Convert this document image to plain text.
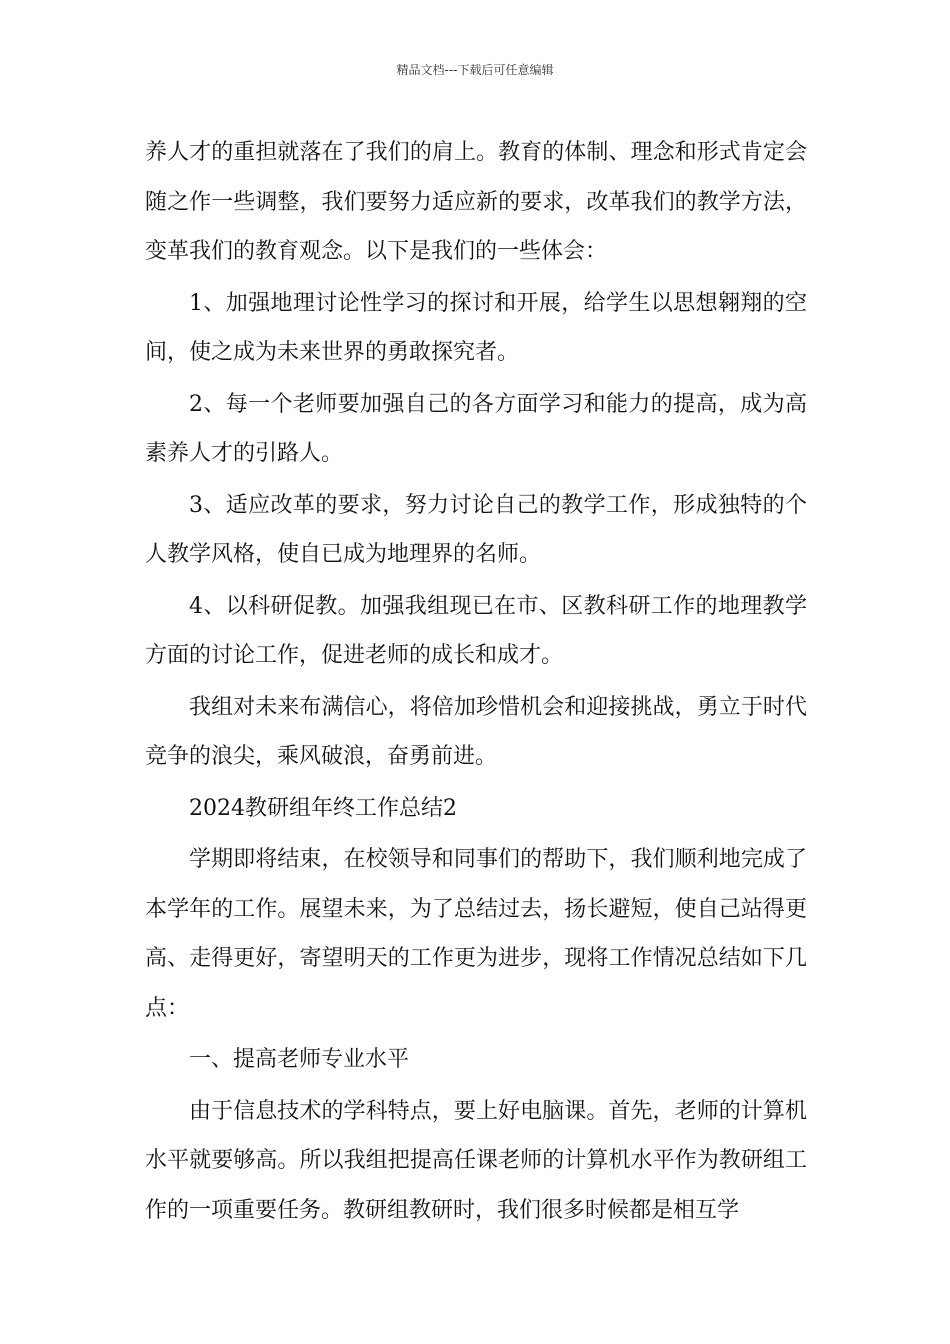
精品文档---下载后可任意编辑

养人才的重担就落在了我们的肩上。教育的体制、理念和形式肯定会随之作一些调整，我们要努力适应新的要求，改革我们的教学方法，变革我们的教育观念。以下是我们的一些体会：

1、加强地理讨论性学习的探讨和开展，给学生以思想翱翔的空间，使之成为未来世界的勇敢探究者。

2、每一个老师要加强自己的各方面学习和能力的提高，成为高素养人才的引路人。

3、适应改革的要求，努力讨论自己的教学工作，形成独特的个人教学风格，使自已成为地理界的名师。

4、以科研促教。加强我组现已在市、区教科研工作的地理教学方面的讨论工作，促进老师的成长和成才。

我组对未来布满信心，将倍加珍惜机会和迎接挑战，勇立于时代竞争的浪尖，乘风破浪，奋勇前进。

2024教研组年终工作总结2

学期即将结束，在校领导和同事们的帮助下，我们顺利地完成了本学年的工作。展望未来，为了总结过去，扬长避短，使自己站得更高、走得更好，寄望明天的工作更为进步，现将工作情况总结如下几点：

一、提高老师专业水平

由于信息技术的学科特点，要上好电脑课。首先，老师的计算机水平就要够高。所以我组把提高任课老师的计算机水平作为教研组工作的一项重要任务。教研组教研时，我们很多时候都是相互学
